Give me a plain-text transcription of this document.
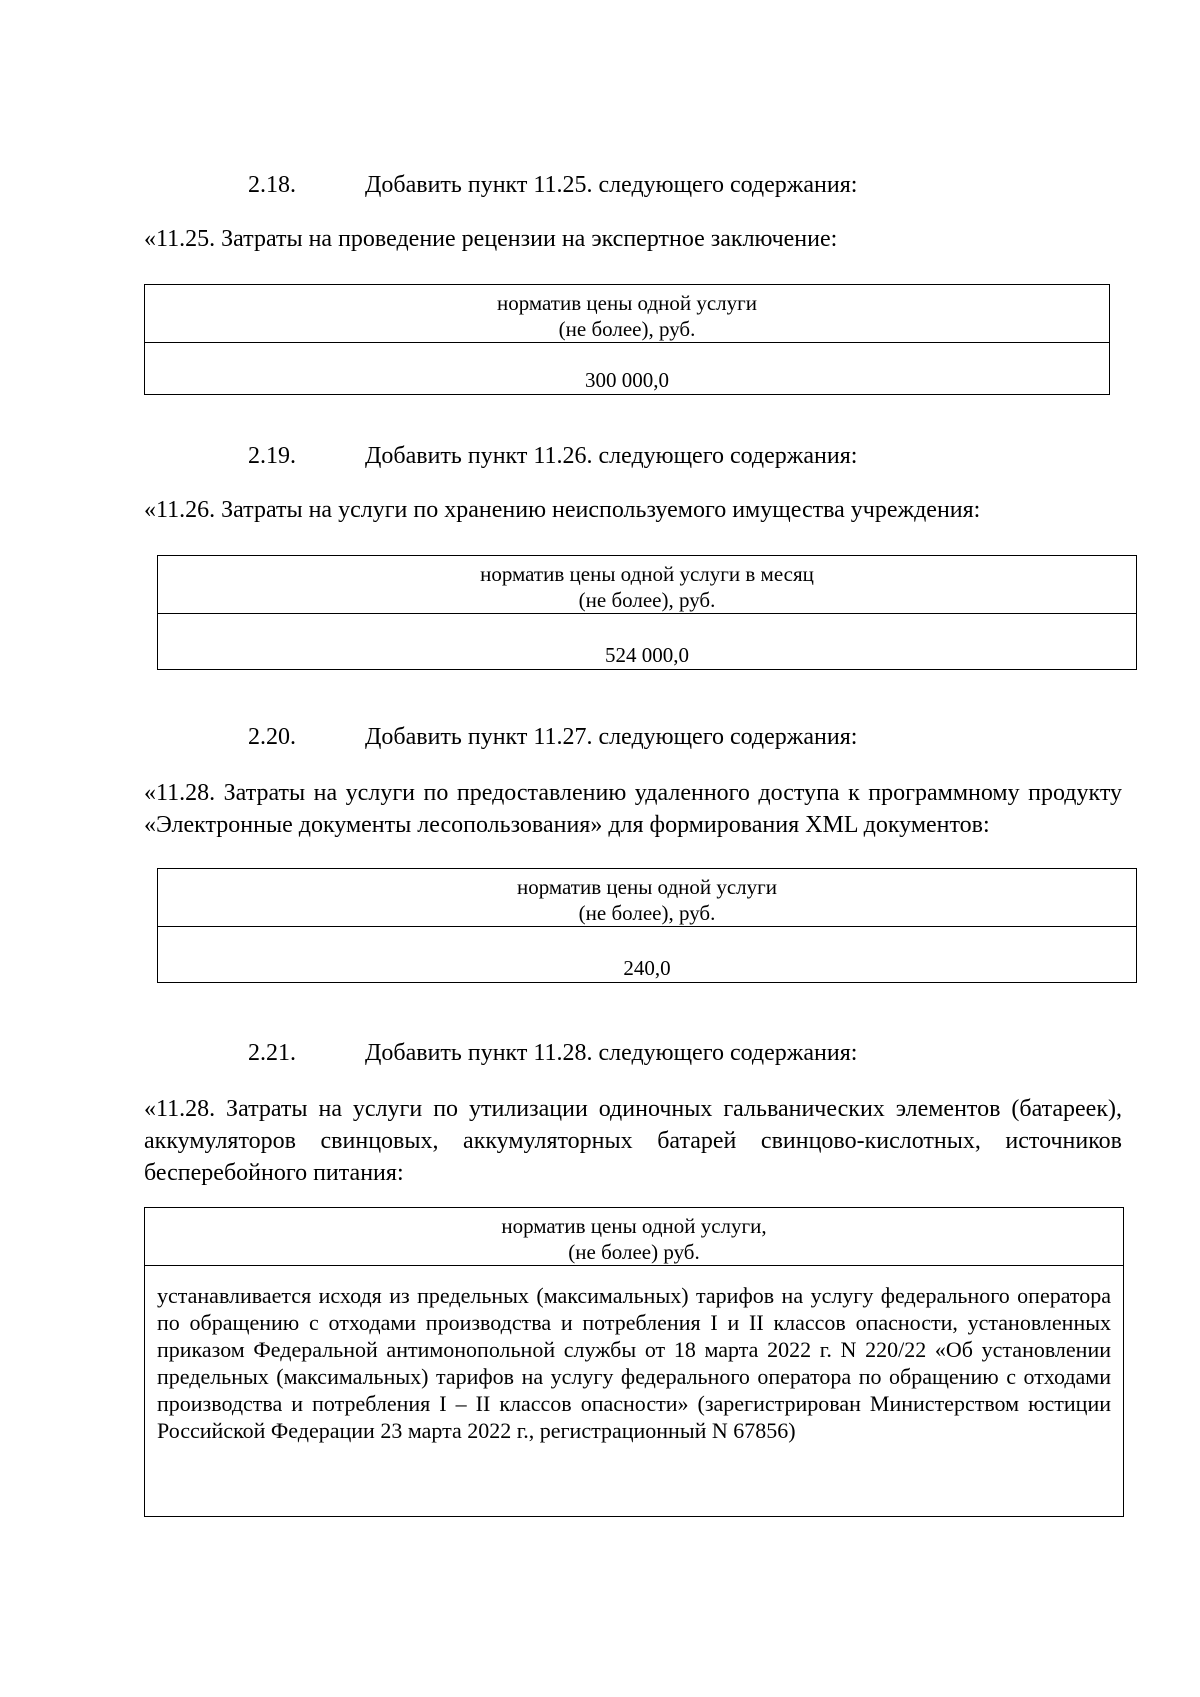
2.18.	Добавить пункт 11.25. следующего содержания:
«11.25. Затраты на проведение рецензии на экспертное заключение:
норматив цены одной услуги
(не более), руб.

300 000,0
2.19.	Добавить пункт 11.26. следующего содержания:
«11.26. Затраты на услуги по хранению неиспользуемого имущества учреждения:
норматив цены одной услуги в месяц
(не более), руб.

524 000,0
2.20.	Добавить пункт 11.27. следующего содержания:
«11.28. Затраты на услуги по предоставлению удаленного доступа к программному продукту «Электронные документы лесопользования» для формирования XML документов:
норматив цены одной услуги
(не более), руб.

240,0
2.21.	Добавить пункт 11.28. следующего содержания:
«11.28. Затраты на услуги по утилизации одиночных гальванических элементов (батареек), аккумуляторов свинцовых, аккумуляторных батарей свинцово-кислотных, источников бесперебойного питания:
норматив цены одной услуги,
(не более) руб.

устанавливается исходя из предельных (максимальных) тарифов на услугу федерального оператора по обращению с отходами производства и потребления I и II классов опасности, установленных приказом Федеральной антимонопольной службы от 18 марта 2022 г. N 220/22 «Об установлении предельных (максимальных) тарифов на услугу федерального оператора по обращению с отходами производства и потребления I – II классов опасности» (зарегистрирован Министерством юстиции Российской Федерации 23 марта 2022 г., регистрационный N 67856)
